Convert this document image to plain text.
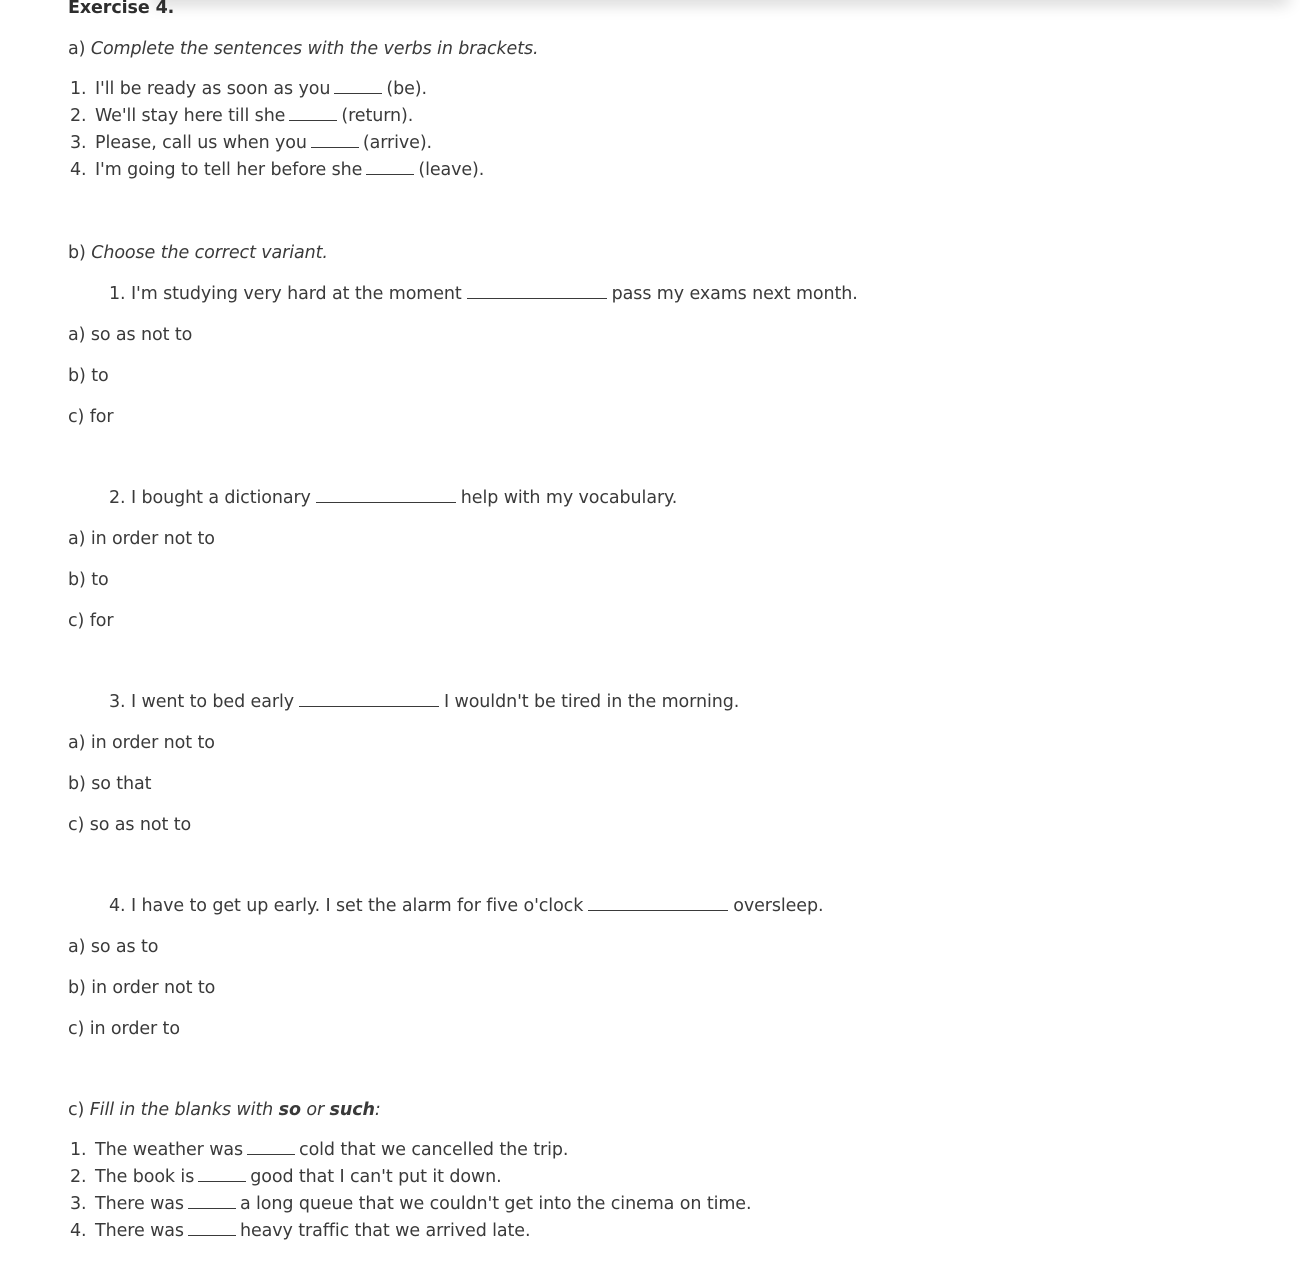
Exercise 4.
a) Complete the sentences with the verbs in brackets.
1. I'll be ready as soon as you	(be).
2. We'll stay here till she	(return).
3. Please, call us when you	(arrive).
4. I'm going to tell her before she	(leave).
b) Choose the correct variant.
1. I'm studying very hard at the moment	pass my exams next month.
a) so as not to
b) to
c) for
2. I bought a dictionary	help with my vocabulary.
a) in order not to
b) to
c) for
3. I went to bed early	I wouldn't be tired in the morning.
a) in order not to
b) so that
c) so as not to
4. I have to get up early. I set the alarm for five o'clock	oversleep.
a) so as to
b) in order not to
c) in order to
c) Fill in the blanks with so or such:
1. The weather was	cold that we cancelled the trip.
2. The book is	good that I can't put it down.
3. There was	a long queue that we couldn't get into the cinema on time.
4. There was	heavy traffic that we arrived late.
